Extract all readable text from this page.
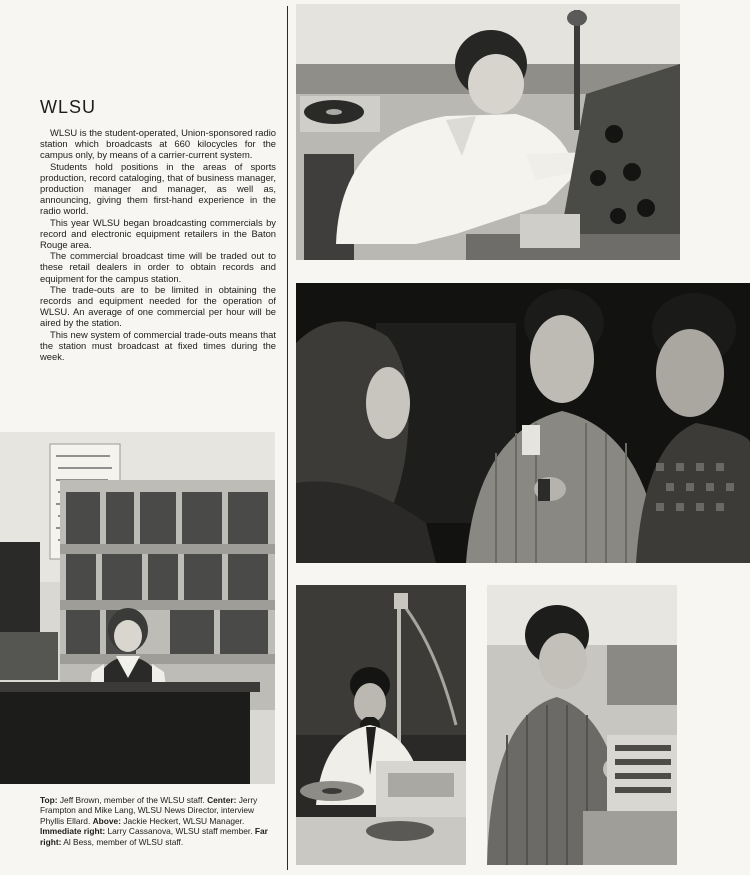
WLSU

WLSU is the student-operated, Union-sponsored radio station which broadcasts at 660 kilocycles for the campus only, by means of a carrier-current system.

Students hold positions in the areas of sports production, record cataloging, that of business manager, production manager and manager, as well as, announcing, giving them first-hand experience in the radio world.

This year WLSU began broadcasting commercials by record and electronic equipment retailers in the Baton Rouge area.

The commercial broadcast time will be traded out to these retail dealers in order to obtain records and equipment for the campus station.

The trade-outs are to be limited in obtaining the records and equipment needed for the operation of WLSU. An average of one commercial per hour will be aired by the station.

This new system of commercial trade-outs means that the station must broadcast at fixed times during the week.

Top: Jeff Brown, member of the WLSU staff. Center: Jerry Frampton and Mike Lang, WLSU News Director, interview Phyllis Ellard. Above: Jackie Heckert, WLSU Manager. Immediate right: Larry Cassanova, WLSU staff member. Far right: Al Bess, member of WLSU staff.
